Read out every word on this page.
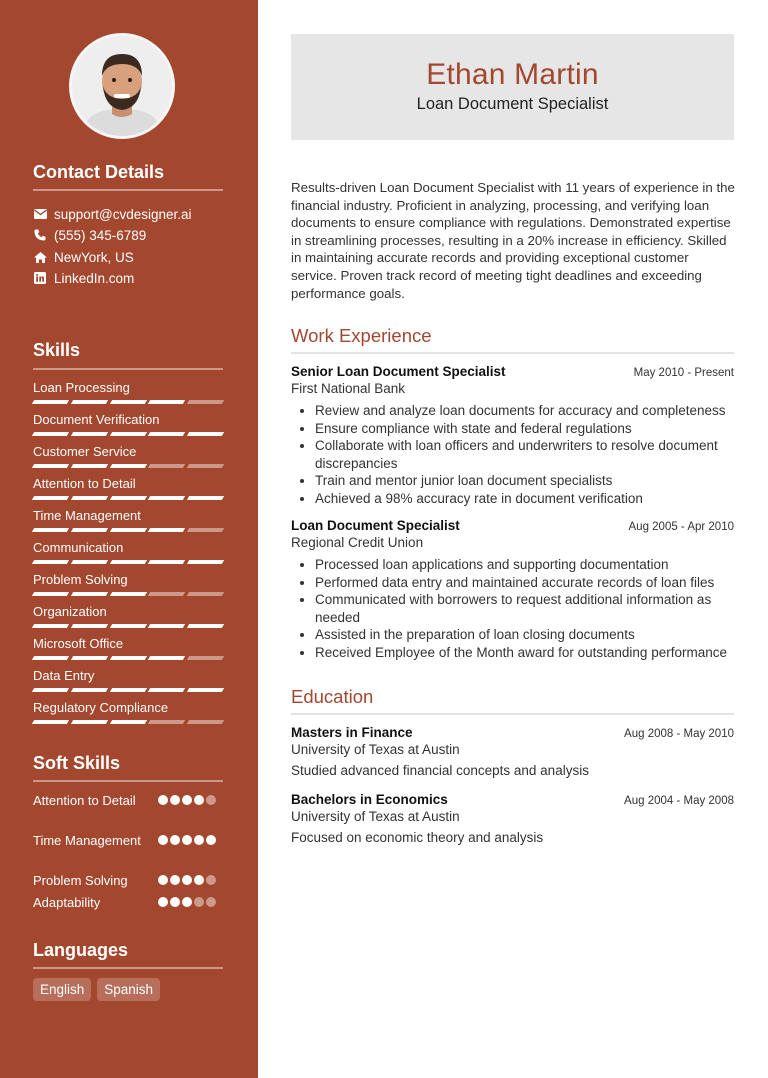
Contact Details
support@cvdesigner.ai
(555) 345-6789
NewYork, US
LinkedIn.com
Skills
Loan Processing
Document Verification
Customer Service
Attention to Detail
Time Management
Communication
Problem Solving
Organization
Microsoft Office
Data Entry
Regulatory Compliance
Soft Skills
Attention to Detail
Time Management
Problem Solving
Adaptability
Languages
English	Spanish
Ethan Martin
Loan Document Specialist

Results-driven Loan Document Specialist with 11 years of experience in the financial industry. Proficient in analyzing, processing, and verifying loan documents to ensure compliance with regulations. Demonstrated expertise in streamlining processes, resulting in a 20% increase in efficiency. Skilled in maintaining accurate records and providing exceptional customer service. Proven track record of meeting tight deadlines and exceeding performance goals.

Work Experience
Senior Loan Document Specialist	May 2010 - Present
First National Bank
• Review and analyze loan documents for accuracy and completeness
• Ensure compliance with state and federal regulations
• Collaborate with loan officers and underwriters to resolve document discrepancies
• Train and mentor junior loan document specialists
• Achieved a 98% accuracy rate in document verification
Loan Document Specialist	Aug 2005 - Apr 2010
Regional Credit Union
• Processed loan applications and supporting documentation
• Performed data entry and maintained accurate records of loan files
• Communicated with borrowers to request additional information as needed
• Assisted in the preparation of loan closing documents
• Received Employee of the Month award for outstanding performance
Education
Masters in Finance	Aug 2008 - May 2010
University of Texas at Austin
Studied advanced financial concepts and analysis
Bachelors in Economics	Aug 2004 - May 2008
University of Texas at Austin
Focused on economic theory and analysis
